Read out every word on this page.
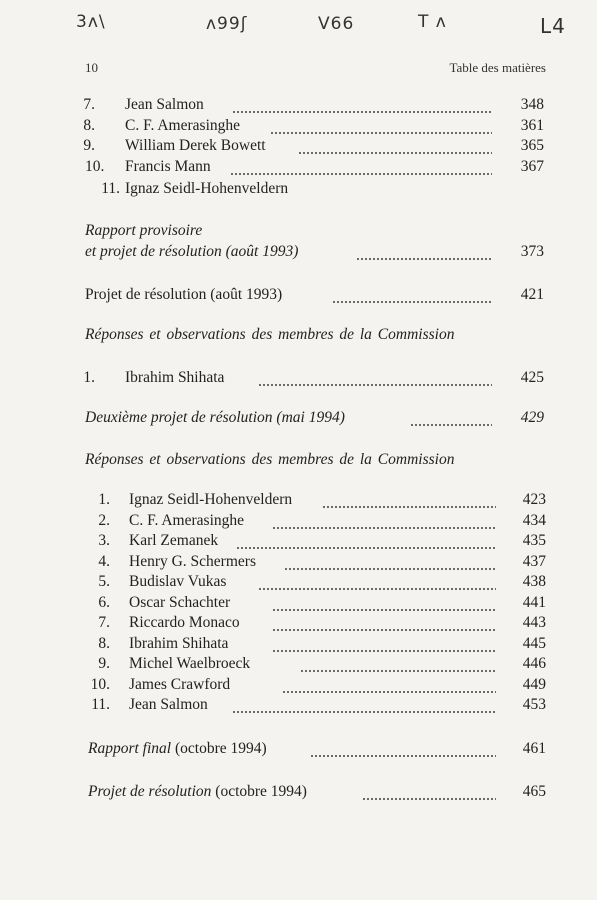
3ʌ\	ʌ99ʃ	V66	T ʌ	L4
10	Table des matières
7. Jean Salmon	348
8. C. F. Amerasinghe	361
9. William Derek Bowett	365
10.	Francis Mann	367
11. Ignaz Seidl-Hohenveldern
Rapport provisoire
et projet de résolution (août 1993)	373
Projet de résolution (août 1993)	421
Réponses et observations des membres de la Commission
1. Ibrahim Shihata	425
Deuxième projet de résolution (mai 1994)	429
Réponses et observations des membres de la Commission
1. Ignaz Seidl-Hohenveldern	423
2. C. F. Amerasinghe	434
3. Karl Zemanek	435
4. Henry G. Schermers	437
5. Budislav Vukas	438
6. Oscar Schachter	441
7. Riccardo Monaco	443
8. Ibrahim Shihata	445
9. Michel Waelbroeck	446
10. James Crawford	449
11. Jean Salmon	453
Rapport final (octobre 1994)	461
Projet de résolution (octobre 1994)	465
